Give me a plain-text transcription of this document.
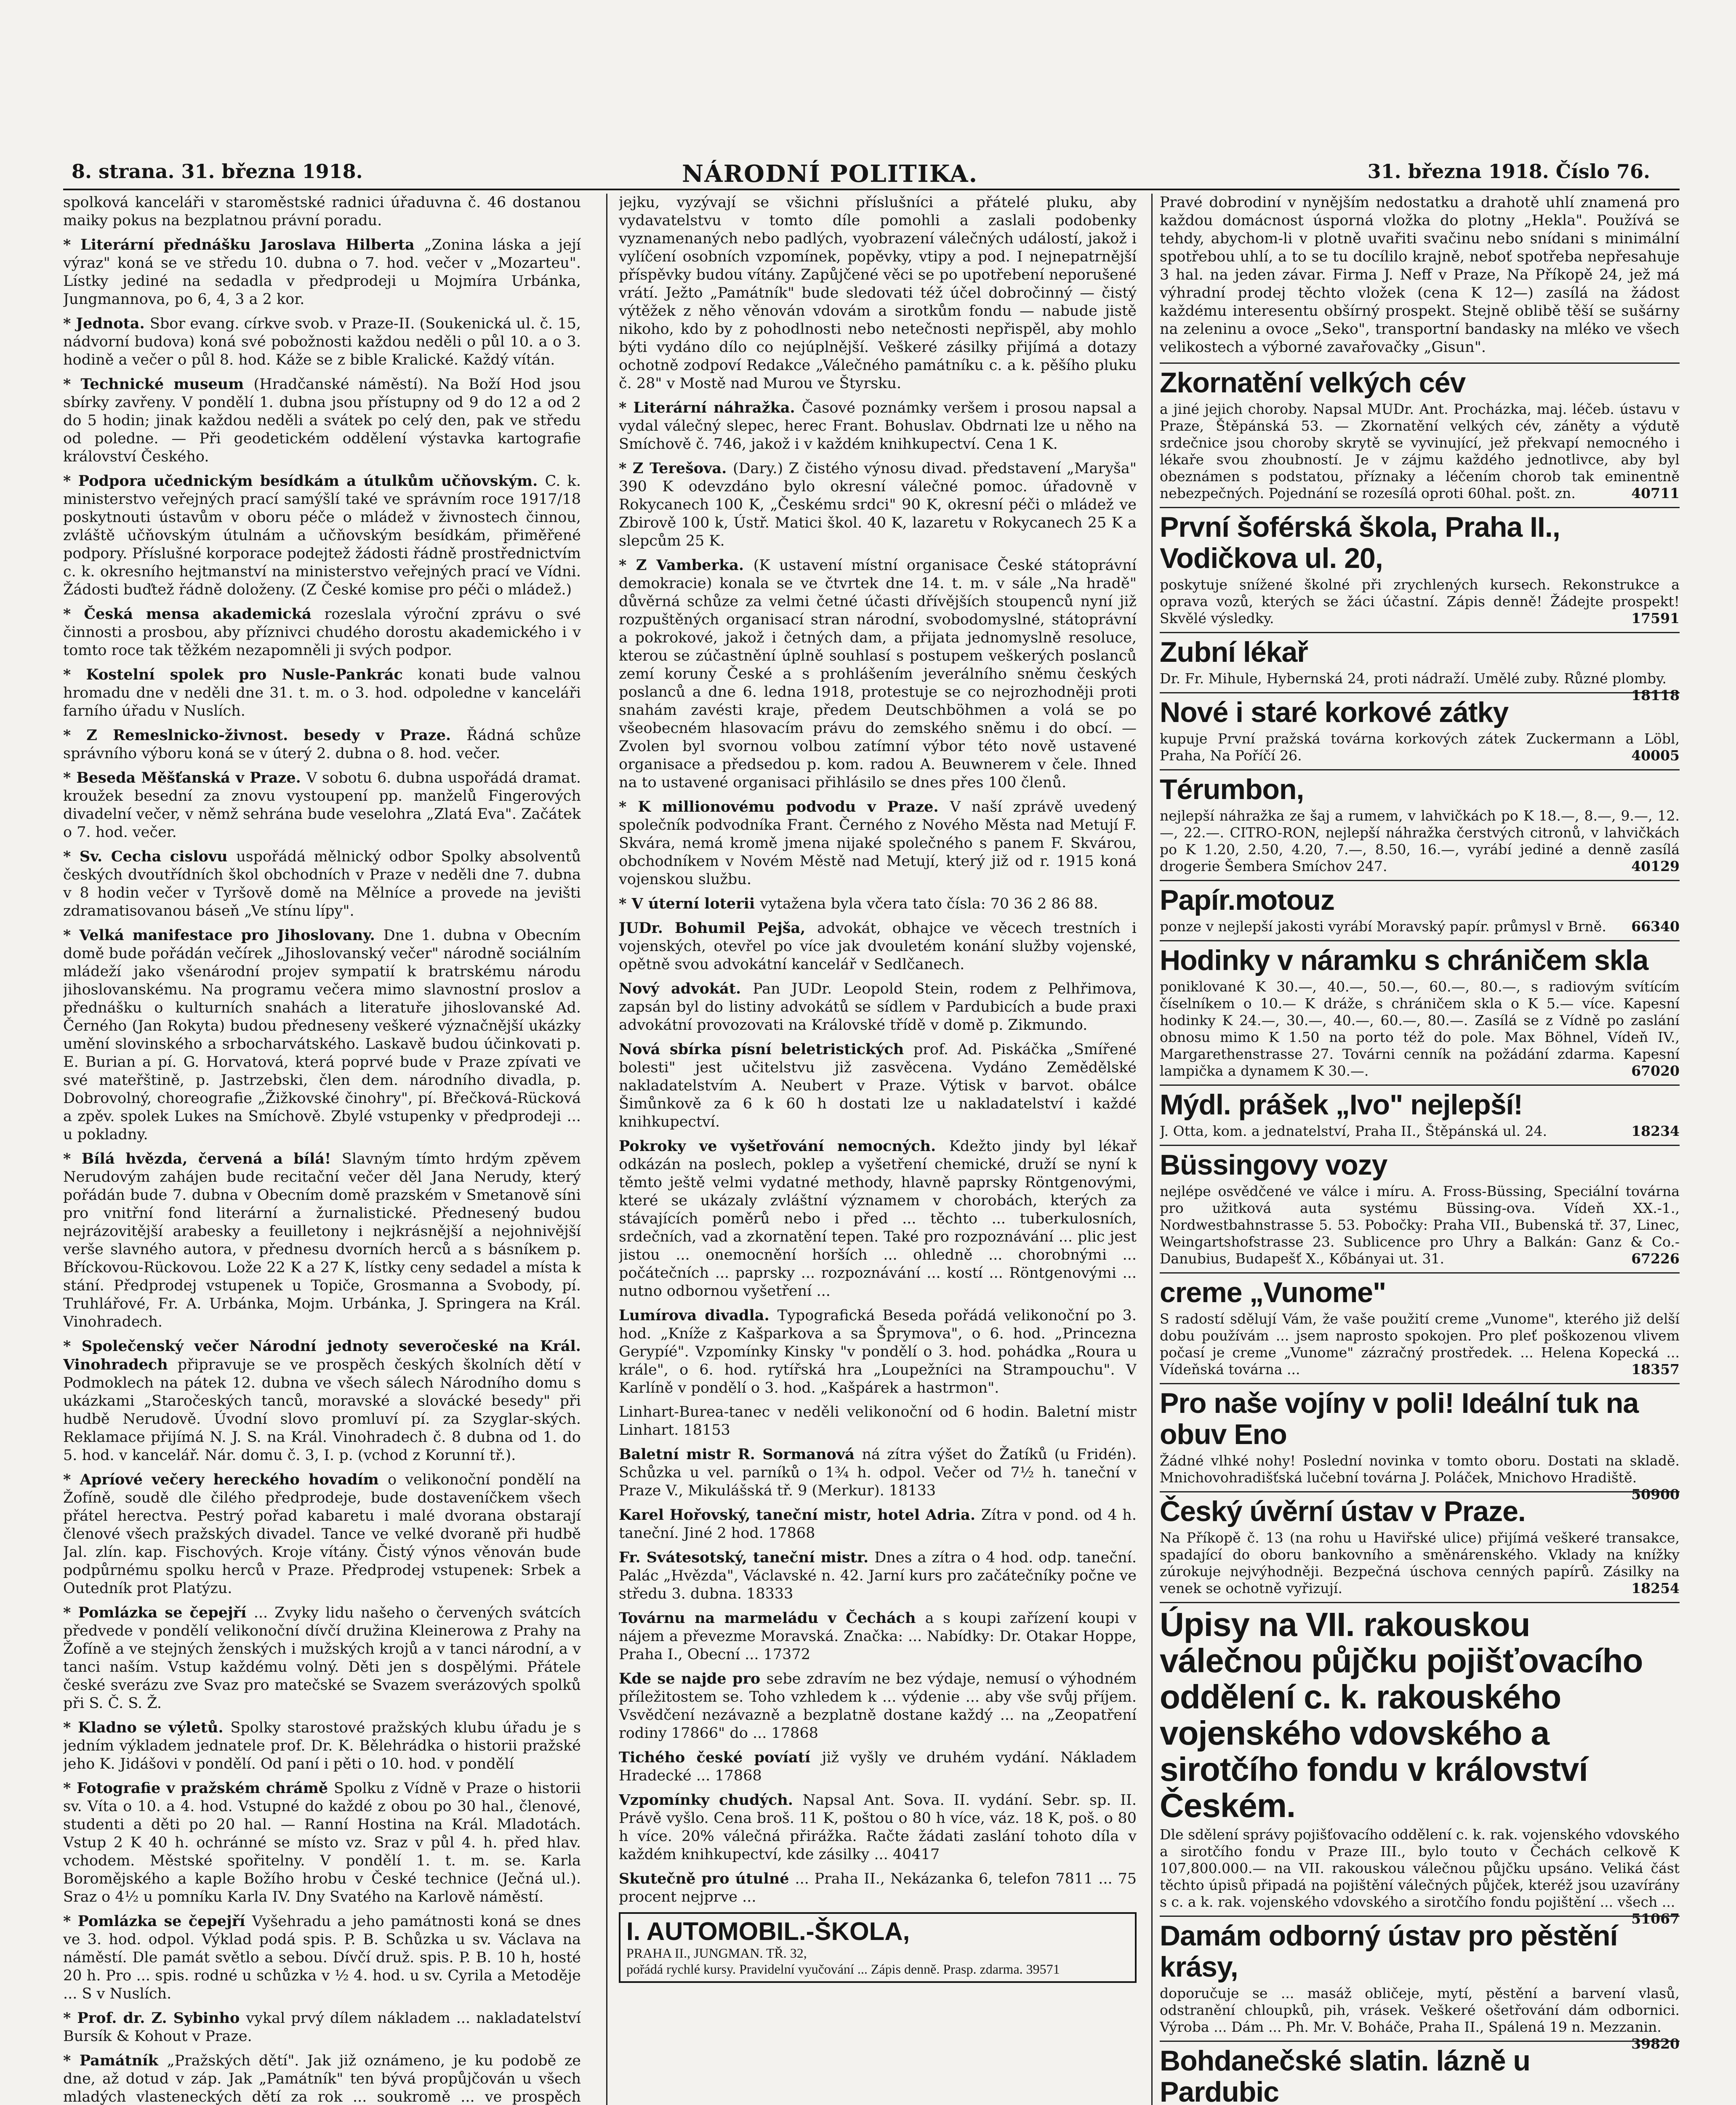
8. strana. 31. března 1918.	NÁRODNÍ POLITIKA.	31. března 1918. Číslo 76.

spolková kanceláři v staroměstské radnici úřaduvna č. 46 dostanou maiky pokus na bezplatnou právní poradu.

* Literární přednášku Jaroslava Hilberta „Zonina láska a její výraz" koná se ve středu 10. dubna o 7. hod. večer v „Mozarteu". Lístky jediné na sedadla v předprodeji u Mojmíra Urbánka, Jungmannova, po 6, 4, 3 a 2 kor.

* Jednota. Sbor evang. církve svob. v Praze-II. (Soukenická ul. č. 15, nádvorní budova) koná své pobožnosti každou neděli o půl 10. a o 3. hodině a večer o půl 8. hod. Káže se z bible Kralické. Každý vítán.

* Technické museum (Hradčanské náměstí). Na Boží Hod jsou sbírky zavřeny. V pondělí 1. dubna jsou přístupny od 9 do 12 a od 2 do 5 hodin; jinak každou neděli a svátek po celý den, pak ve středu od poledne. — Při geodetickém oddělení výstavka kartografie království Českého.

* Podpora učednickým besídkám a útulkům učňovským. C. k. ministerstvo veřejných prací samýšlí také ve správním roce 1917/18 poskytnouti ústavům v oboru péče o mládež v živnostech činnou, zvláště učňovským útulnám a učňovským besídkám, přiměřené podpory. Příslušné korporace podejtež žádosti řádně prostřednictvím c. k. okresního hejtmanství na ministerstvo veřejných prací ve Vídni. Žádosti buďtež řádně doloženy. (Z České komise pro péči o mládež.)

* Česká mensa akademická rozeslala výroční zprávu o své činnosti a prosbou, aby příznivci chudého dorostu akademického i v tomto roce tak těžkém nezapomněli ji svých podpor.

* Kostelní spolek pro Nusle-Pankrác konati bude valnou hromadu dne v neděli dne 31. t. m. o 3. hod. odpoledne v kanceláři farního úřadu v Nuslích.

* Z Remeslnicko-živnost. besedy v Praze. Řádná schůze správního výboru koná se v úterý 2. dubna o 8. hod. večer.

* Beseda Měšťanská v Praze. V sobotu 6. dubna uspořádá dramat. kroužek besední za znovu vystoupení pp. manželů Fingerových divadelní večer, v němž sehrána bude veselohra „Zlatá Eva". Začátek o 7. hod. večer.

* Sv. Cecha cislovu uspořádá mělnický odbor Spolky absolventů českých dvoutřídních škol obchodních v Praze v neděli dne 7. dubna v 8 hodin večer v Tyršově domě na Mělníce a provede na jevišti zdramatisovanou báseň „Ve stínu lípy".

* Velká manifestace pro Jihoslovany. Dne 1. dubna v Obecním domě bude pořádán večírek „Jihoslovanský večer" národně sociálním mládeží jako všenárodní projev sympatií k bratrskému národu jihoslovanskému. Na programu večera mimo slavnostní proslov a přednášku o kulturních snahách a literatuře jihoslovanské Ad. Černého (Jan Rokyta) budou předneseny veškeré význačnější ukázky umění slovinského a srbocharvátského. Laskavě budou účinkovati p. E. Burian a pí. G. Horvatová, která poprvé bude v Praze zpívati ve své mateřštině, p. Jastrzebski, člen dem. národního divadla, p. Dobrovolný, choreografie „Žižkovské činohry", pí. Břečková-Rücková a zpěv. spolek Lukes na Smíchově. Zbylé vstupenky v předprodeji ... u pokladny.

* Bílá hvězda, červená a bílá! Slavným tímto hrdým zpěvem Nerudovým zahájen bude recitační večer děl Jana Nerudy, který pořádán bude 7. dubna v Obecním domě prazském v Smetanově síni pro vnitřní fond literární a žurnalistické. Přednesený budou nejrázovitější arabesky a feuilletony i nejkrásnější a nejohnivější verše slavného autora, v přednesu dvorních herců a s básníkem p. Bříckovou-Rückovou. Lože 22 K a 27 K, lístky ceny sedadel a místa k stání. Předprodej vstupenek u Topiče, Grosmanna a Svobody, pí. Truhlářové, Fr. A. Urbánka, Mojm. Urbánka, J. Springera na Král. Vinohradech.

* Společenský večer Národní jednoty severočeské na Král. Vinohradech připravuje se ve prospěch českých školních dětí v Podmoklech na pátek 12. dubna ve všech sálech Národního domu s ukázkami „Staročeských tanců, moravské a slovácké besedy" při hudbě Nerudově. Úvodní slovo promluví pí. za Szyglar-ských. Reklamace přijímá N. J. S. na Král. Vinohradech č. 8 dubna od 1. do 5. hod. v kancelář. Nár. domu č. 3, I. p. (vchod z Korunní tř.).

* Apríové večery hereckého hovadím o velikonoční pondělí na Žofíně, soudě dle čilého předprodeje, bude dostaveníčkem všech přátel herectva. Pestrý pořad kabaretu i malé dvorana obstarají členové všech pražských divadel. Tance ve velké dvoraně při hudbě Jal. zlín. kap. Fischových. Kroje vítány. Čistý výnos věnován bude podpůrnému spolku herců v Praze. Předprodej vstupenek: Srbek a Outedník prot Platýzu.

* Pomlázka se čepejří ... Zvyky lidu našeho o červených svátcích předvede v pondělí velikonoční dívčí družina Kleinerowa z Prahy na Žofíně a ve stejných ženských i mužských krojů a v tanci národní, a v tanci naším. Vstup každému volný. Děti jen s dospělými. Přátele české sverázu zve Svaz pro matečské se Svazem sverázových spolků při S. Č. S. Ž.

* Kladno se výletů. Spolky starostové pražských klubu úřadu je s jedním výkladem jednatele prof. Dr. K. Bělehrádka o historii pražské jeho K. Jidášovi v pondělí. Od paní i pěti o 10. hod. v pondělí

* Fotografie v pražském chrámě Spolku z Vídně v Praze o historii sv. Víta o 10. a 4. hod. Vstupné do každé z obou po 30 hal., členové, studenti a děti po 20 hal. — Ranní Hostina na Král. Mladotách. Vstup 2 K 40 h. ochránné se místo vz. Sraz v půl 4. h. před hlav. vchodem. Městské spořitelny. V pondělí 1. t. m. se. Karla Boromějského a kaple Božího hrobu v České technice (Ječná ul.). Sraz o 4½ u pomníku Karla IV. Dny Svatého na Karlově náměstí.

* Pomlázka se čepejří Vyšehradu a jeho památnosti koná se dnes ve 3. hod. odpol. Výklad podá spis. P. B. Schůzka u sv. Václava na náměstí. Dle památ světlo a sebou. Dívčí druž. spis. P. B. 10 h, hosté 20 h. Pro ... spis. rodné u schůzka v ½ 4. hod. u sv. Cyrila a Metoděje ... S v Nuslích.

* Prof. dr. Z. Sybinho vykal prvý dílem nákladem ... nakladatelství Bursík & Kohout v Praze.

* Památník „Pražských dětí". Jak již oznámeno, je ku podobě ze dne, až dotud v záp. Jak „Památník" ten bývá propůjčován u všech mladých vlasteneckých dětí za rok ... soukromě ... ve prospěch

jejku, vyzývají se všichni příslušníci a přátelé pluku, aby vydavatelstvu v tomto díle pomohli a zaslali podobenky vyznamenaných nebo padlých, vyobrazení válečných událostí, jakož i vylíčení osobních vzpomínek, popěvky, vtipy a pod. I nejnepatrnější příspěvky budou vítány. Zapůjčené věci se po upotřebení neporušené vrátí. Ježto „Památník" bude sledovati též účel dobročinný — čistý výtěžek z něho věnován vdovám a sirotkům fondu — nabude jistě nikoho, kdo by z pohodlnosti nebo netečnosti nepřispěl, aby mohlo býti vydáno dílo co nejúplnější. Veškeré zásilky přijímá a dotazy ochotně zodpoví Redakce „Válečného památníku c. a k. pěšího pluku č. 28" v Mostě nad Murou ve Štyrsku.

* Literární náhražka. Časové poznámky veršem i prosou napsal a vydal válečný slepec, herec Frant. Bohuslav. Obdrnati lze u něho na Smíchově č. 746, jakož i v každém knihkupectví. Cena 1 K.

* Z Terešova. (Dary.) Z čistého výnosu divad. představení „Maryša" 390 K odevzdáno bylo okresní válečné pomoc. úřadovně v Rokycanech 100 K, „Českému srdci" 90 K, okresní péči o mládež ve Zbirově 100 k, Ústř. Matici škol. 40 K, lazaretu v Rokycanech 25 K a slepcům 25 K.

* Z Vamberka. (K ustavení místní organisace České státoprávní demokracie) konala se ve čtvrtek dne 14. t. m. v sále „Na hradě" důvěrná schůze za velmi četné účasti dřívějších stoupenců nyní již rozpuštěných organisací stran národní, svobodomyslné, státoprávní a pokrokové, jakož i četných dam, a přijata jednomyslně resoluce, kterou se zúčastnění úplně souhlasí s postupem veškerých poslanců zemí koruny České a s prohlášením jeverálního sněmu českých poslanců a dne 6. ledna 1918, protestuje se co nejrozhodněji proti snahám zavésti kraje, předem Deutschböhmen a volá se po všeobecném hlasovacím právu do zemského sněmu i do obcí. — Zvolen byl svornou volbou zatímní výbor této nově ustavené organisace a předsedou p. kom. radou A. Beuwnerem v čele. Ihned na to ustavené organisaci přihlásilo se dnes přes 100 členů.

* K millionovému podvodu v Praze. V naší zprávě uvedený společník podvodníka Frant. Černého z Nového Města nad Metují F. Skvára, nemá kromě jmena nijaké společného s panem F. Skvárou, obchodníkem v Novém Městě nad Metují, který již od r. 1915 koná vojenskou službu.

* V úterní loterii vytažena byla včera tato čísla: 70 36 2 86 88.

JUDr. Bohumil Pejša, advokát, obhajce ve věcech trestních i vojenských, otevřel po více jak dvouletém konání služby vojenské, opětně svou advokátní kancelář v Sedlčanech.

Nový advokát. Pan JUDr. Leopold Stein, rodem z Pelhřimova, zapsán byl do listiny advokátů se sídlem v Pardubicích a bude praxi advokátní provozovati na Královské třídě v domě p. Zikmundo.

Nová sbírka písní beletristických prof. Ad. Piskáčka „Smířené bolesti" jest učitelstvu již zasvěcena. Vydáno Zemědělské nakladatelstvím A. Neubert v Praze. Výtisk v barvot. obálce Šimůnkově za 6 k 60 h dostati lze u nakladatelství i každé knihkupectví.

Pokroky ve vyšetřování nemocných. Kdežto jindy byl lékař odkázán na poslech, poklep a vyšetření chemické, druží se nyní k těmto ještě velmi vydatné methody, hlavně paprsky Röntgenovými, které se ukázaly zvláštní významem v chorobách, kterých za stávajících poměrů nebo i před ... těchto ... tuberkulosních, srdečních, vad a zkornatění tepen. Také pro rozpoznávání ... plic jest jistou ... onemocnění horších ... ohledně ... chorobnými ... počátečních ... paprsky ... rozpoznávání ... kostí ... Röntgenovými ... nutno odbornou vyšetření ...

Lumírova divadla. Typografická Beseda pořádá velikonoční po 3. hod. „Kníže z Kašparkova a sa Šprymova", o 6. hod. „Princezna Gerypíé". Vzpomínky Kinsky "v pondělí o 3. hod. pohádka „Roura u krále", o 6. hod. rytířská hra „Loupežníci na Strampouchu". V Karlíně v pondělí o 3. hod. „Kašpárek a hastrmon".

Linhart-Burea-tanec v neděli velikonoční od 6 hodin. Baletní mistr Linhart. 18153

Baletní mistr R. Sormanová ná zítra výšet do Žatíků (u Fridén). Schůzka u vel. parníků o 1¾ h. odpol. Večer od 7½ h. taneční v Praze V., Mikulášská tř. 9 (Merkur). 18133

Karel Hořovský, taneční mistr, hotel Adria. Zítra v pond. od 4 h. taneční. Jiné 2 hod. 17868

Fr. Svátesotský, taneční mistr. Dnes a zítra o 4 hod. odp. taneční. Palác „Hvězda", Václavské n. 42. Jarní kurs pro začátečníky počne ve středu 3. dubna. 18333

Továrnu na marmeládu v Čechách a s koupi zařízení koupi v nájem a převezme Moravská. Značka: ... Nabídky: Dr. Otakar Hoppe, Praha I., Obecní ... 17372

Kde se najde pro sebe zdravím ne bez výdaje, nemusí o výhodném příležitostem se. Toho vzhledem k ... výdenie ... aby vše svůj příjem. Vsvědčení nezávazně a bezplatně dostane každý ... na „Zeopatření rodiny 17866" do ... 17868

Tichého české povíatí již vyšly ve druhém vydání. Nákladem Hradecké ... 17868

Vzpomínky chudých. Napsal Ant. Sova. II. vydání. Sebr. sp. II. Právě vyšlo. Cena broš. 11 K, poštou o 80 h více, váz. 18 K, poš. o 80 h více. 20% válečná přirážka. Račte žádati zaslání tohoto díla v každém knihkupectví, kde zásilky ... 40417

Skutečně pro útulné ... Praha II., Nekázanka 6, telefon 7811 ... 75 procent nejprve ...

I. AUTOMOBIL.-ŠKOLA,
PRAHA II., JUNGMAN. TŘ. 32,
pořádá rychlé kursy. Pravidelní vyučování ... Zápis denně. Prasp. zdarma. 39571

Pravé dobrodiní v nynějším nedostatku a drahotě uhlí znamená pro každou domácnost úsporná vložka do plotny „Hekla". Používá se tehdy, abychom-li v plotně uvařiti svačinu nebo snídani s minimální spotřebou uhlí, a to se tu docílilo krajně, neboť spotřeba nepřesahuje 3 hal. na jeden závar. Firma J. Neff v Praze, Na Příkopě 24, jež má výhradní prodej těchto vložek (cena K 12—) zasílá na žádost každému interesentu obšírný prospekt. Stejně oblibě těší se sušárny na zeleninu a ovoce „Seko", transportní bandasky na mléko ve všech velikostech a výborné zavařovačky „Gisun".

Zkornatění velkých cév
a jiné jejich choroby. Napsal MUDr. Ant. Procházka, maj. léčeb. ústavu v Praze, Štěpánská 53. — Zkornatění velkých cév, záněty a výdutě srdečnice jsou choroby skrytě se vyvinující, jež překvapí nemocného i lékaře svou zhoubností. Je v zájmu každého jednotlivce, aby byl obeznámen s podstatou, příznaky a léčením chorob tak eminentně nebezpečných. Pojednání se rozesílá oproti 60hal. pošt. zn.	40711
První šoférská škola, Praha II., Vodičkova ul. 20,
poskytuje snížené školné při zrychlených kursech. Rekonstrukce a oprava vozů, kterých se žáci účastní. Zápis denně! Žádejte prospekt! Skvělé výsledky.	17591
Zubní lékař
Dr. Fr. Mihule, Hybernská 24, proti nádraží. Umělé zuby. Různé plomby.
18118
Nové i staré korkové zátky
kupuje První pražská továrna korkových zátek Zuckermann a Löbl, Praha, Na Poříčí 26.	40005
Térumbon,
nejlepší náhražka ze šaj a rumem, v lahvičkách po K 18.—, 8.—, 9.—, 12.—, 22.—. CITRO-RON, nejlepší náhražka čerstvých citronů, v lahvičkách po K 1.20, 2.50, 4.20, 7.—, 8.50, 16.—, vyrábí jediné a denně zasílá drogerie Šembera Smíchov 247.	40129
Papír.motouz
ponze v nejlepší jakosti vyrábí Moravský papír. průmysl v Brně. 66340
Hodinky v náramku s chráničem skla
poniklované K 30.—, 40.—, 50.—, 60.—, 80.—, s radiovým svítícím číselníkem o 10.— K dráže, s chráničem skla o K 5.— více. Kapesní hodinky K 24.—, 30.—, 40.—, 60.—, 80.—. Zasílá se z Vídně po zaslání obnosu mimo K 1.50 na porto též do pole. Max Böhnel, Vídeň IV., Margarethenstrasse 27. Továrni cenník na požádání zdarma. Kapesní lampička a dynamem K 30.—.	67020
Mýdl. prášek „Ivo" nejlepší!
J. Otta, kom. a jednatelství, Praha II., Štěpánská ul. 24.	18234
Büssingovy vozy
nejlépe osvědčené ve válce i míru. A. Fross-Büssing, Speciální továrna pro užitková auta systému Büssing-ova. Vídeň XX.-1., Nordwestbahnstrasse 5. 53. Pobočky: Praha VII., Bubenská tř. 37, Linec, Weingartshofstrasse 23. Sublicence pro Uhry a Balkán: Ganz & Co.-Danubius, Budapešť X., Kőbányai ut. 31.	67226
creme „Vunome"
S radostí sdělují Vám, že vaše použití creme „Vunome", kterého již delší dobu používám ... jsem naprosto spokojen. Pro pleť poškozenou vlivem počasí je creme „Vunome" zázračný prostředek. ... Helena Kopecká ... Vídeňská továrna ...	18357
Pro naše vojíny v poli! Ideální tuk na obuv Eno
Žádné vlhké nohy! Poslední novinka v tomto oboru. Dostati na skladě. Mnichovohradišťská lučební továrna J. Poláček, Mnichovo Hradiště.
50900
Český úvěrní ústav v Praze.
Na Příkopě č. 13 (na rohu u Haviřské ulice) přijímá veškeré transakce, spadající do oboru bankovního a směnárenského. Vklady na knížky zúrokuje nejvýhodněji. Bezpečná úschova cenných papírů. Zásilky na venek se ochotně vyřizují.	18254
Úpisy na VII. rakouskou válečnou půjčku pojišťovacího oddělení c. k. rakouského vojenského vdovského a sirotčího fondu v království Českém.
Dle sdělení správy pojišťovacího oddělení c. k. rak. vojenského vdovského a sirotčího fondu v Praze III., bylo touto v Čechách celkově K 107,800.000.— na VII. rakouskou válečnou půjčku upsáno. Veliká část těchto úpisů připadá na pojištění válečných půjček, kteréž jsou uzavírány s c. a k. rak. vojenského vdovského a sirotčího fondu pojištění ... všech ...
51067
Damám odborný ústav pro pěstění krásy,
doporučuje se ... masáž obličeje, mytí, pěstění a barvení vlasů, odstranění chloupků, pih, vrásek. Veškeré ošetřování dám odbornici. Výroba ... Dám ... Ph. Mr. V. Boháče, Praha II., Spálená 19 n. Mezzanin.
39820
Bohdanečské slatin. lázně u Pardubic
